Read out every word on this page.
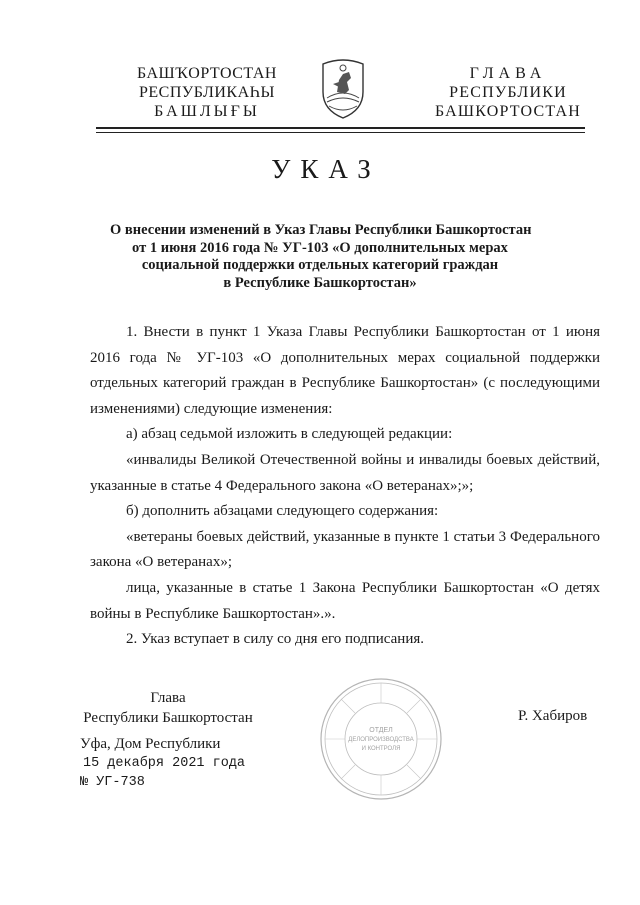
БАШҠОРТОСТАН
РЕСПУБЛИКАҺЫ
БАШЛЫҒЫ
ГЛАВА
РЕСПУБЛИКИ
БАШКОРТОСТАН
УКАЗ
О внесении изменений в Указ Главы Республики Башкортостан
от 1 июня 2016 года № УГ-103 «О дополнительных мерах
социальной поддержки отдельных категорий граждан
в Республике Башкортостан»

1. Внести в пункт 1 Указа Главы Республики Башкортостан от 1 июня 2016 года № УГ-103 «О дополнительных мерах социальной поддержки отдельных категорий граждан в Республике Башкортостан» (с последующими изменениями) следующие изменения:

а) абзац седьмой изложить в следующей редакции:

«инвалиды Великой Отечественной войны и инвалиды боевых действий, указанные в статье 4 Федерального закона «О ветеранах»;»;

б) дополнить абзацами следующего содержания:

«ветераны боевых действий, указанные в пункте 1 статьи 3 Федерального закона «О ветеранах»;

лица, указанные в статье 1 Закона Республики Башкортостан «О детях войны в Республике Башкортостан».».

2. Указ вступает в силу со дня его подписания.

Глава
Республики Башкортостан
ОТДЕЛ
ДЕЛОПРОИЗВОДСТВА
И КОНТРОЛЯ
Р. Хабиров
Уфа, Дом Республики
15 декабря 2021 года
№ УГ-738
